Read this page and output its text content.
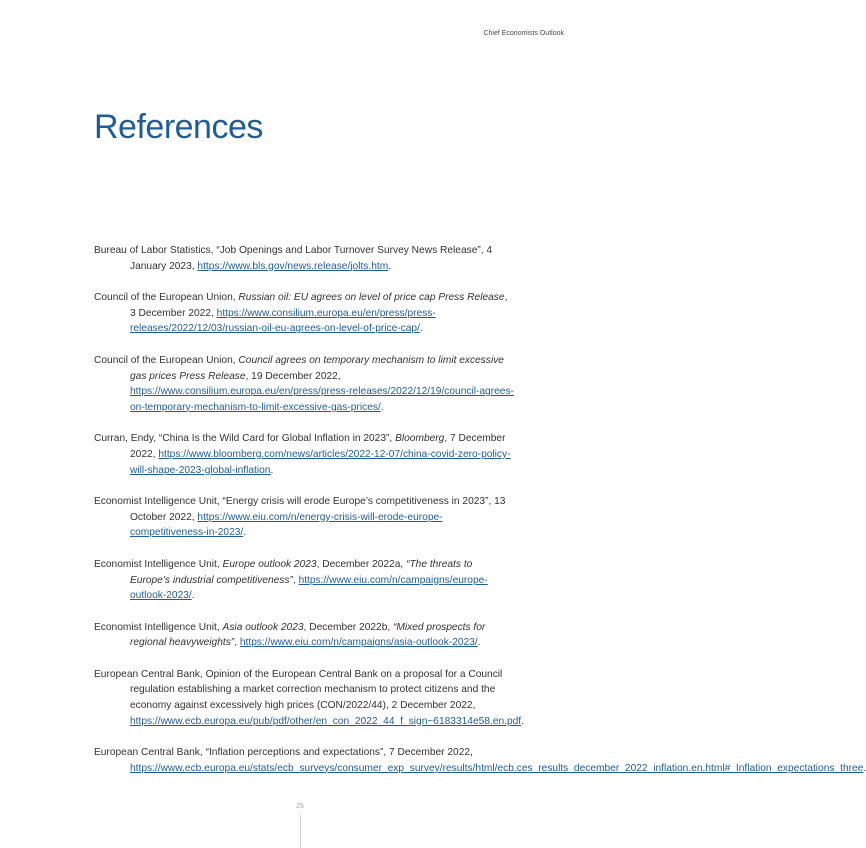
Chief Economists Outlook
References

Bureau of Labor Statistics, “Job Openings and Labor Turnover Survey News Release”, 4 January 2023, https://www.bls.gov/news.release/jolts.htm.

Council of the European Union, Russian oil: EU agrees on level of price cap Press Release, 3 December 2022, https://www.consilium.europa.eu/en/press/press-releases/2022/12/03/russian-oil-eu-agrees-on-level-of-price-cap/.

Council of the European Union, Council agrees on temporary mechanism to limit excessive gas prices Press Release, 19 December 2022, https://www.consilium.europa.eu/en/press/press-releases/2022/12/19/council-agrees-on-temporary-mechanism-to-limit-excessive-gas-prices/.

Curran, Endy, “China Is the Wild Card for Global Inflation in 2023”, Bloomberg, 7 December 2022, https://www.bloomberg.com/news/articles/2022-12-07/china-covid-zero-policy-will-shape-2023-global-inflation.

Economist Intelligence Unit, “Energy crisis will erode Europe’s competitiveness in 2023”, 13 October 2022, https://www.eiu.com/n/energy-crisis-will-erode-europe-competitiveness-in-2023/.

Economist Intelligence Unit, Europe outlook 2023, December 2022a, “The threats to Europe’s industrial competitiveness”, https://www.eiu.com/n/campaigns/europe-outlook-2023/.

Economist Intelligence Unit, Asia outlook 2023, December 2022b, “Mixed prospects for regional heavyweights”, https://www.eiu.com/n/campaigns/asia-outlook-2023/.

European Central Bank, Opinion of the European Central Bank on a proposal for a Council regulation establishing a market correction mechanism to protect citizens and the economy against excessively high prices (CON/2022/44), 2 December 2022, https://www.ecb.europa.eu/pub/pdf/other/en_con_2022_44_f_sign~6183314e58.en.pdf.

European Central Bank, “Inflation perceptions and expectations”, 7 December 2022, https://www.ecb.europa.eu/stats/ecb_surveys/consumer_exp_survey/results/html/ecb.ces_results_december_2022_inflation.en.html#_Inflation_expectations_three.

25
